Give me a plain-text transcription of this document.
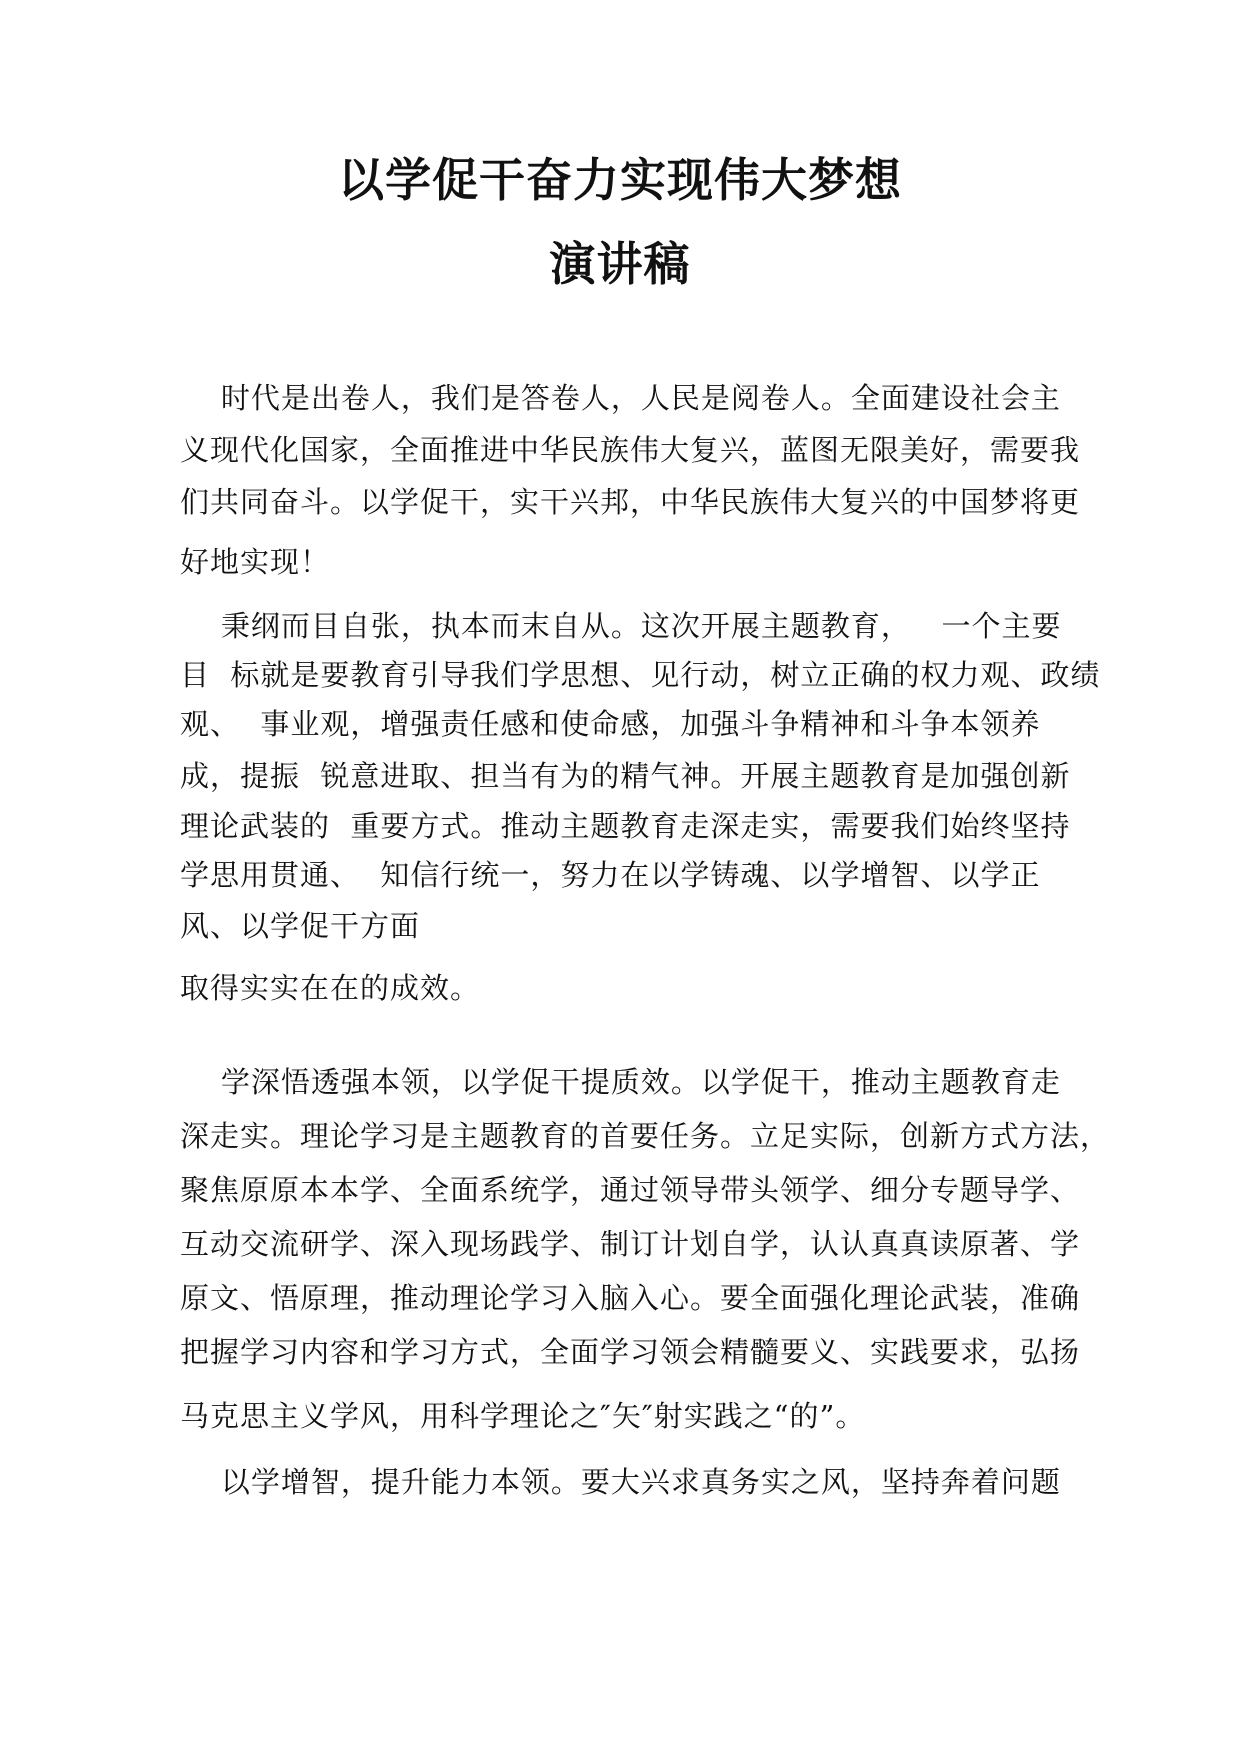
以学促干奋力实现伟大梦想
演讲稿
时代是出卷人，我们是答卷人，人民是阅卷人。全面建设社会主
义现代化国家，全面推进中华民族伟大复兴，蓝图无限美好，需要我
们共同奋斗。以学促干，实干兴邦，中华民族伟大复兴的中国梦将更
好地实现！
秉纲而目自张，执本而末自从。这次开展主题教育，   一个主要
目  标就是要教育引导我们学思想、见行动，树立正确的权力观、政绩
观、  事业观，增强责任感和使命感，加强斗争精神和斗争本领养
成，提振  锐意进取、担当有为的精气神。开展主题教育是加强创新
理论武装的  重要方式。推动主题教育走深走实，需要我们始终坚持
学思用贯通、  知信行统一，努力在以学铸魂、以学增智、以学正
风、以学促干方面
取得实实在在的成效。
学深悟透强本领，以学促干提质效。以学促干，推动主题教育走
深走实。理论学习是主题教育的首要任务。立足实际，创新方式方法，
聚焦原原本本学、全面系统学，通过领导带头领学、细分专题导学、
互动交流研学、深入现场践学、制订计划自学，认认真真读原著、学
原文、悟原理，推动理论学习入脑入心。要全面强化理论武装，准确
把握学习内容和学习方式，全面学习领会精髓要义、实践要求，弘扬
马克思主义学风，用科学理论之″矢″射实践之“的”。
以学增智，提升能力本领。要大兴求真务实之风，坚持奔着问题
